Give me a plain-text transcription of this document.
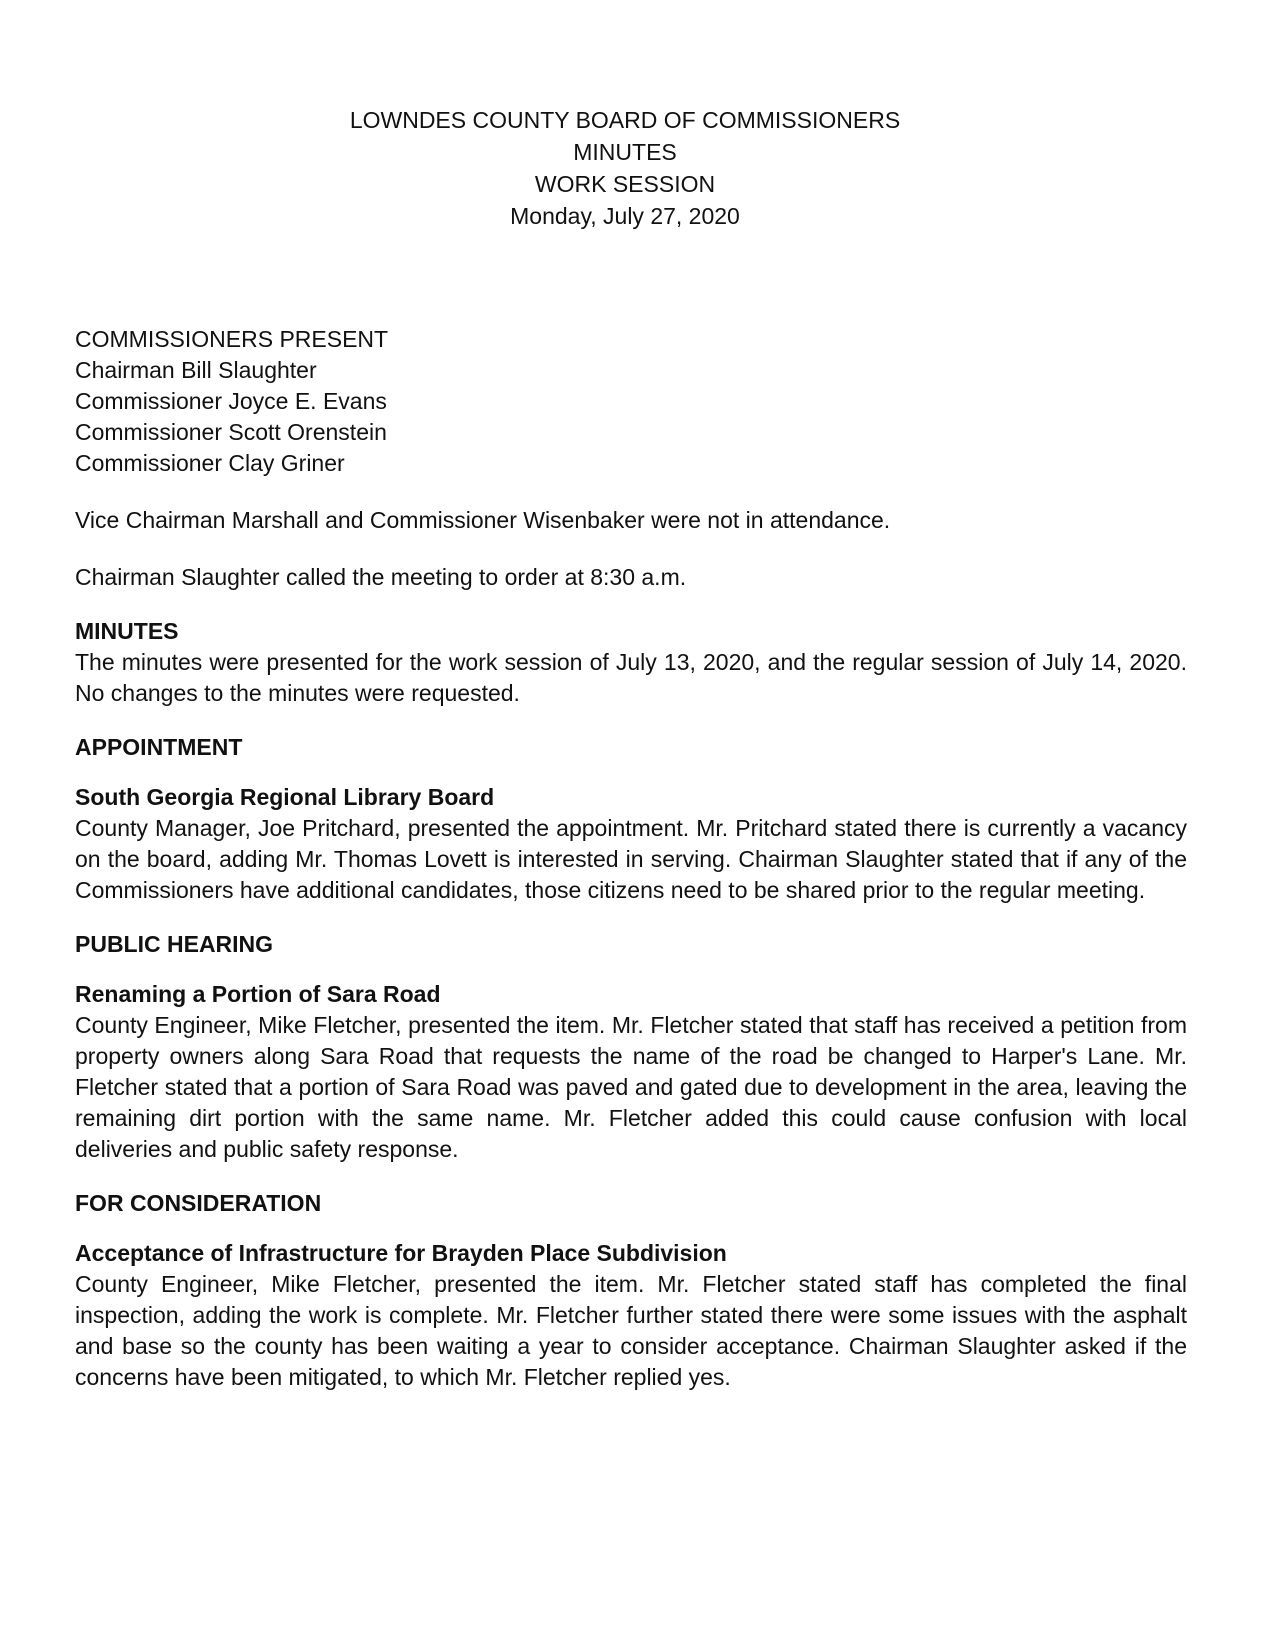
LOWNDES COUNTY BOARD OF COMMISSIONERS
MINUTES
WORK SESSION
Monday, July 27, 2020
COMMISSIONERS PRESENT
Chairman Bill Slaughter
Commissioner Joyce E. Evans
Commissioner Scott Orenstein
Commissioner Clay Griner
Vice Chairman Marshall and Commissioner Wisenbaker were not in attendance.
Chairman Slaughter called the meeting to order at 8:30 a.m.
MINUTES
The minutes were presented for the work session of July 13, 2020, and the regular session of July 14, 2020. No changes to the minutes were requested.
APPOINTMENT
South Georgia Regional Library Board
County Manager, Joe Pritchard, presented the appointment. Mr. Pritchard stated there is currently a vacancy on the board, adding Mr. Thomas Lovett is interested in serving. Chairman Slaughter stated that if any of the Commissioners have additional candidates, those citizens need to be shared prior to the regular meeting.
PUBLIC HEARING
Renaming a Portion of Sara Road
County Engineer, Mike Fletcher, presented the item. Mr. Fletcher stated that staff has received a petition from property owners along Sara Road that requests the name of the road be changed to Harper's Lane. Mr. Fletcher stated that a portion of Sara Road was paved and gated due to development in the area, leaving the remaining dirt portion with the same name. Mr. Fletcher added this could cause confusion with local deliveries and public safety response.
FOR CONSIDERATION
Acceptance of Infrastructure for Brayden Place Subdivision
County Engineer, Mike Fletcher, presented the item. Mr. Fletcher stated staff has completed the final inspection, adding the work is complete. Mr. Fletcher further stated there were some issues with the asphalt and base so the county has been waiting a year to consider acceptance. Chairman Slaughter asked if the concerns have been mitigated, to which Mr. Fletcher replied yes.
